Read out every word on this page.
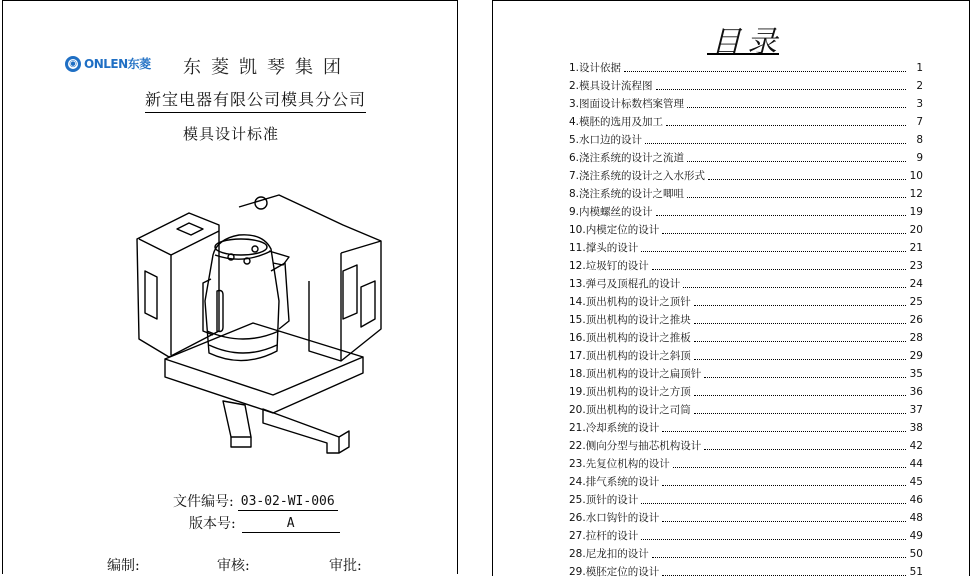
◉ ONLEN东菱 东菱凯琴集团
新宝电器有限公司模具分公司
模具设计标准
文件编号: 03-02-WI-006
版本号:	A
编制:	审核:	审批:
目录
1.设计依据	1
2.模具设计流程图	2
3.图面设计标数档案管理	3
4.模胚的选用及加工	7
5.水口边的设计	8
6.浇注系统的设计之流道	9
7.浇注系统的设计之入水形式	10
8.浇注系统的设计之唧咀	12
9.内模螺丝的设计	19
10.内模定位的设计	20
11.撑头的设计	21
12.垃圾钉的设计	23
13.弹弓及顶棍孔的设计	24
14.顶出机构的设计之顶针	25
15.顶出机构的设计之推块	26
16.顶出机构的设计之推板	28
17.顶出机构的设计之斜顶	29
18.顶出机构的设计之扁顶针	35
19.顶出机构的设计之方顶	36
20.顶出机构的设计之司筒	37
21.冷却系统的设计	38
22.侧向分型与抽芯机构设计	42
23.先复位机构的设计	44
24.排气系统的设计	45
25.顶针的设计	46
26.水口钩针的设计	48
27.拉杆的设计	49
28.尼龙扣的设计	50
29.模胚定位的设计	51
